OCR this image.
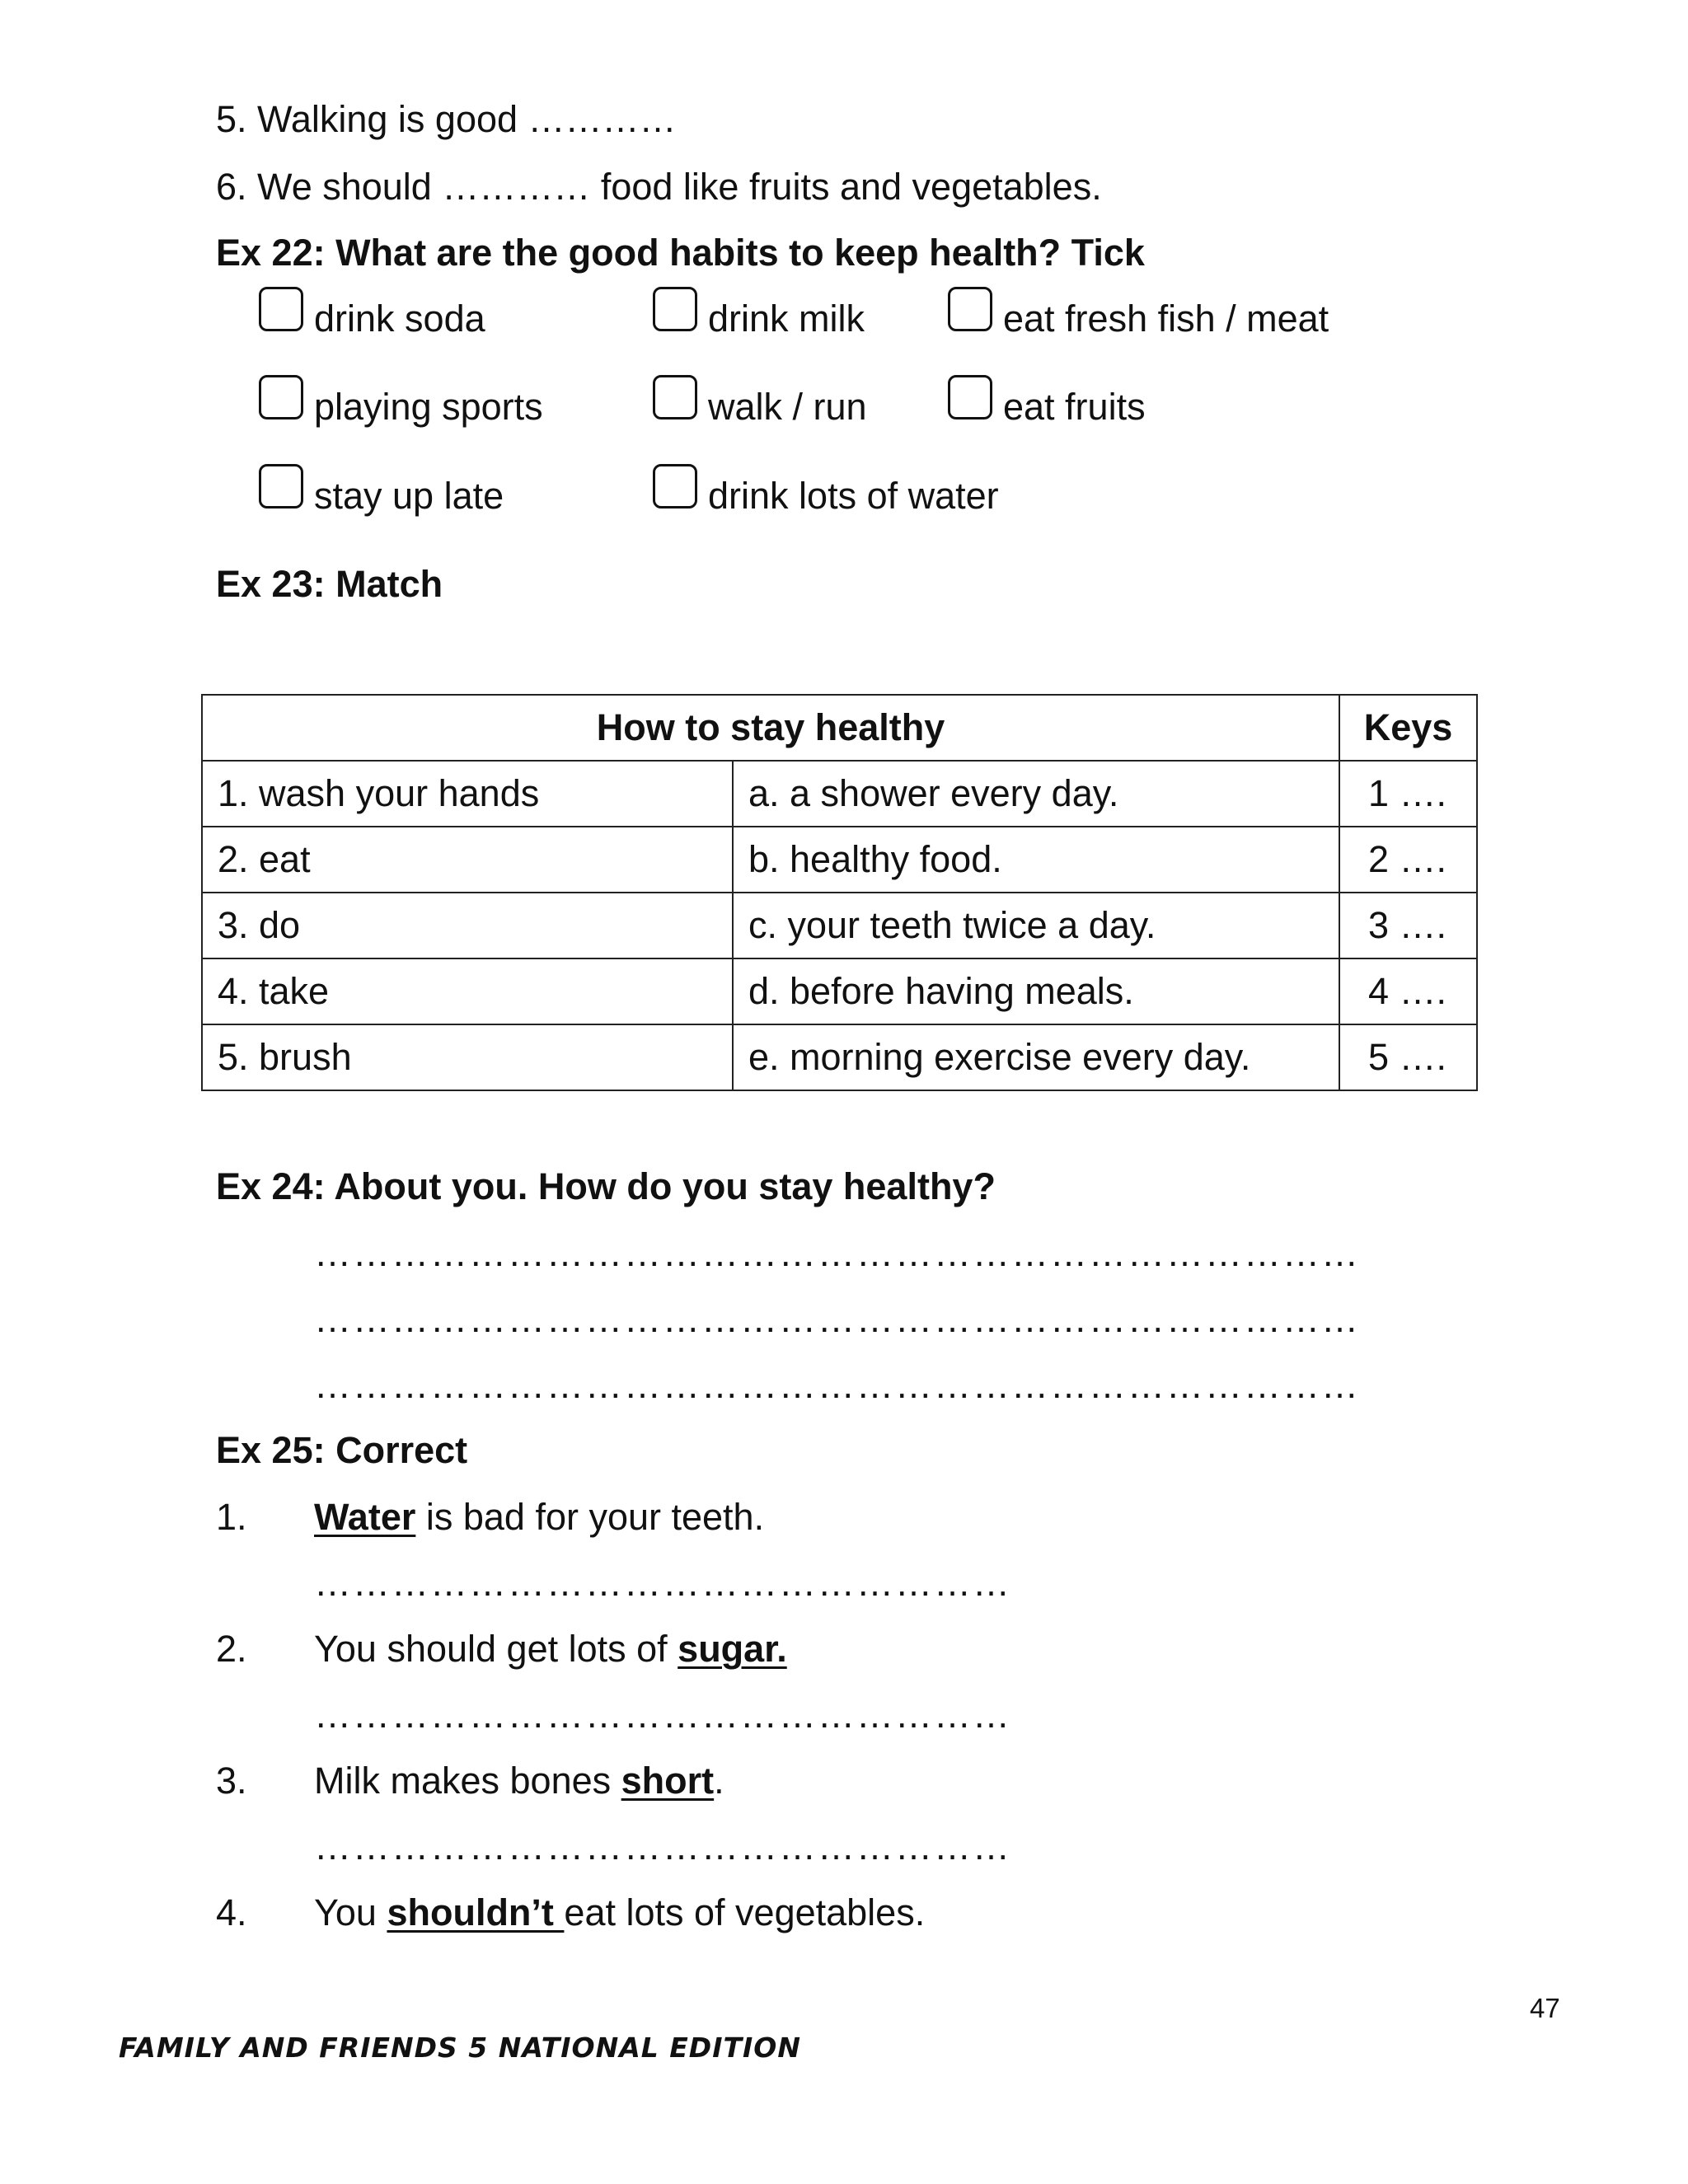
5. Walking is good …………
6. We should ………… food like fruits and vegetables.
Ex 22: What are the good habits to keep health? Tick
drink soda	drink milk	eat fresh fish / meat
playing sports	walk / run	eat fruits
stay up late	drink lots of water
Ex 23: Match
How to stay healthy		Keys
1. wash your hands	a. a shower every day.	1 ….
2. eat	b. healthy food.	2 ….
3. do	c. your teeth twice a day.	3 ….
4. take	d. before having meals.	4 ….
5. brush	e. morning exercise every day.	5 ….
Ex 24: About you. How do you stay healthy?
………………………………………………………………………
………………………………………………………………………
………………………………………………………………………
Ex 25: Correct
1. Water is bad for your teeth.
………………………………………………
2. You should get lots of sugar.
………………………………………………
3. Milk makes bones short.
………………………………………………
4. You shouldn’t eat lots of vegetables.
47
FAMILY AND FRIENDS 5 NATIONAL EDITION
